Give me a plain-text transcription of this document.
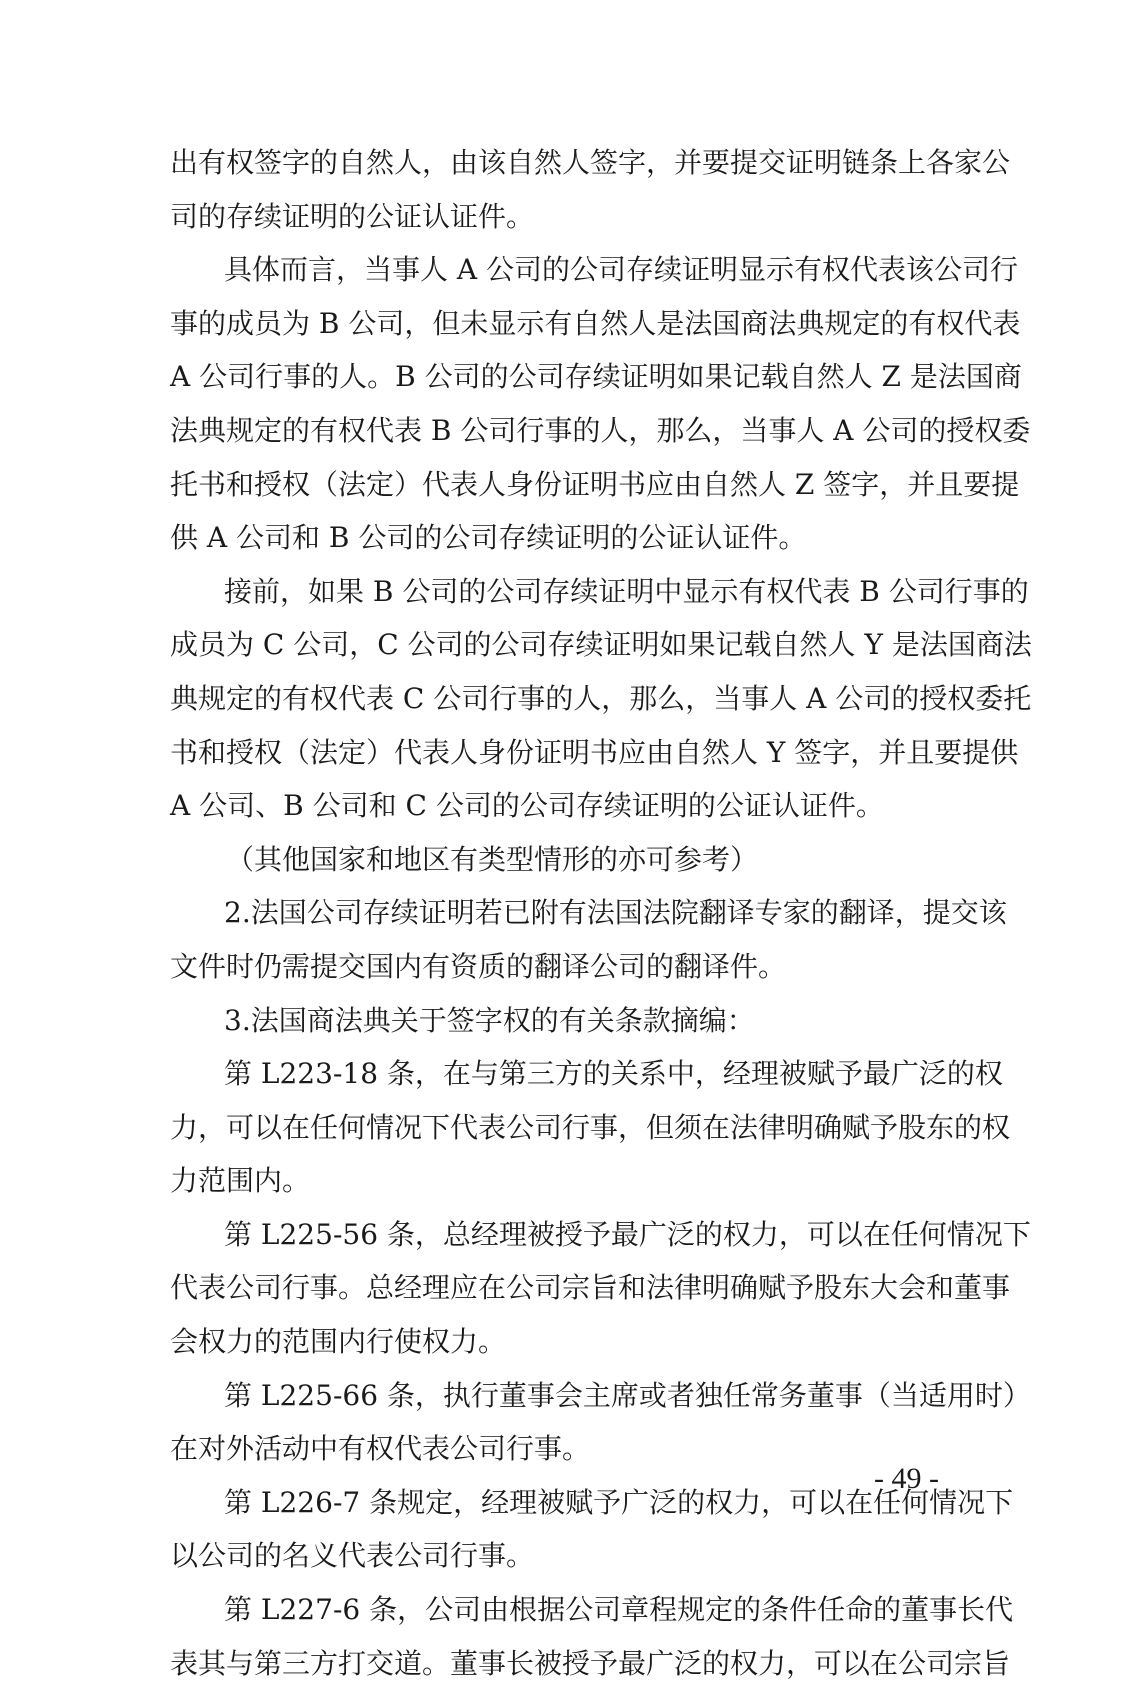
出有权签字的自然人，由该自然人签字，并要提交证明链条上各家公
司的存续证明的公证认证件。
具体而言，当事人 A 公司的公司存续证明显示有权代表该公司行
事的成员为 B 公司，但未显示有自然人是法国商法典规定的有权代表
A 公司行事的人。B 公司的公司存续证明如果记载自然人 Z 是法国商
法典规定的有权代表 B 公司行事的人，那么，当事人 A 公司的授权委
托书和授权（法定）代表人身份证明书应由自然人 Z 签字，并且要提
供 A 公司和 B 公司的公司存续证明的公证认证件。
接前，如果 B 公司的公司存续证明中显示有权代表 B 公司行事的
成员为 C 公司，C 公司的公司存续证明如果记载自然人 Y 是法国商法
典规定的有权代表 C 公司行事的人，那么，当事人 A 公司的授权委托
书和授权（法定）代表人身份证明书应由自然人 Y 签字，并且要提供
A 公司、B 公司和 C 公司的公司存续证明的公证认证件。
（其他国家和地区有类型情形的亦可参考）
2.法国公司存续证明若已附有法国法院翻译专家的翻译，提交该
文件时仍需提交国内有资质的翻译公司的翻译件。
3.法国商法典关于签字权的有关条款摘编：
第 L223-18 条，在与第三方的关系中，经理被赋予最广泛的权
力，可以在任何情况下代表公司行事，但须在法律明确赋予股东的权
力范围内。
第 L225-56 条，总经理被授予最广泛的权力，可以在任何情况下
代表公司行事。总经理应在公司宗旨和法律明确赋予股东大会和董事
会权力的范围内行使权力。
第 L225-66 条，执行董事会主席或者独任常务董事（当适用时）
在对外活动中有权代表公司行事。
第 L226-7 条规定，经理被赋予广泛的权力，可以在任何情况下
以公司的名义代表公司行事。
第 L227-6 条，公司由根据公司章程规定的条件任命的董事长代
表其与第三方打交道。董事长被授予最广泛的权力，可以在公司宗旨
- 49 -
